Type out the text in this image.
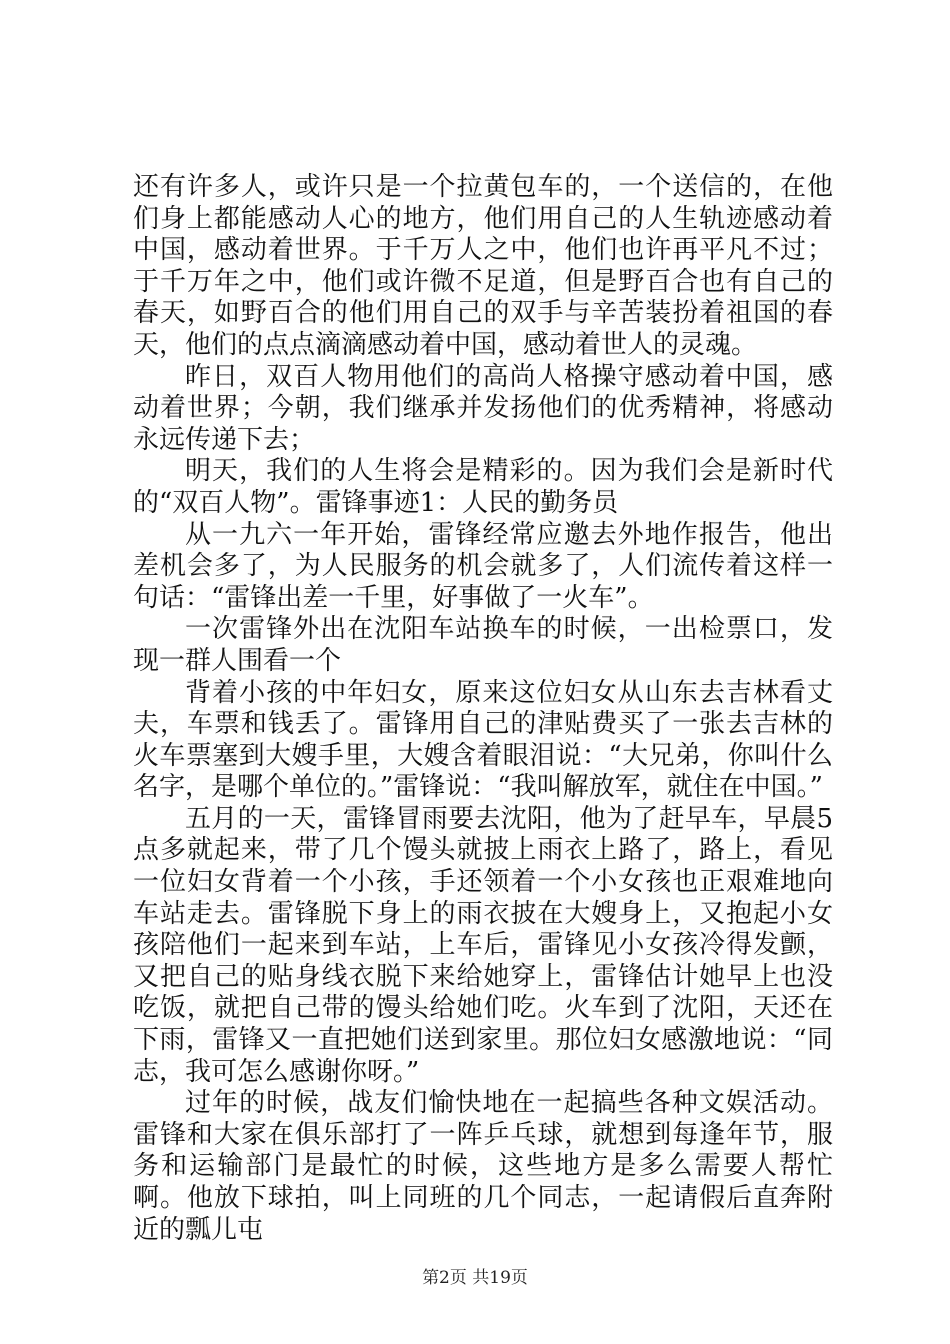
还有许多人，或许只是一个拉黄包车的，一个送信的，在他们身上都能感动人心的地方，他们用自己的人生轨迹感动着中国，感动着世界。于千万人之中，他们也许再平凡不过；于千万年之中，他们或许微不足道，但是野百合也有自己的春天，如野百合的他们用自己的双手与辛苦装扮着祖国的春天，他们的点点滴滴感动着中国，感动着世人的灵魂。

昨日，双百人物用他们的高尚人格操守感动着中国，感动着世界；今朝，我们继承并发扬他们的优秀精神，将感动永远传递下去；

明天，我们的人生将会是精彩的。因为我们会是新时代的“双百人物”。雷锋事迹1：人民的勤务员

从一九六一年开始，雷锋经常应邀去外地作报告，他出差机会多了，为人民服务的机会就多了，人们流传着这样一句话：“雷锋出差一千里，好事做了一火车”。

一次雷锋外出在沈阳车站换车的时候，一出检票口，发现一群人围看一个

背着小孩的中年妇女，原来这位妇女从山东去吉林看丈夫，车票和钱丢了。雷锋用自己的津贴费买了一张去吉林的火车票塞到大嫂手里，大嫂含着眼泪说：“大兄弟，你叫什么名字，是哪个单位的。”雷锋说：“我叫解放军，就住在中国。”

五月的一天，雷锋冒雨要去沈阳，他为了赶早车，早晨5点多就起来，带了几个馒头就披上雨衣上路了，路上，看见一位妇女背着一个小孩，手还领着一个小女孩也正艰难地向车站走去。雷锋脱下身上的雨衣披在大嫂身上，又抱起小女孩陪他们一起来到车站，上车后，雷锋见小女孩冷得发颤，又把自己的贴身线衣脱下来给她穿上，雷锋估计她早上也没吃饭，就把自己带的馒头给她们吃。火车到了沈阳，天还在下雨，雷锋又一直把她们送到家里。那位妇女感激地说：“同志，我可怎么感谢你呀。”

过年的时候，战友们愉快地在一起搞些各种文娱活动。雷锋和大家在俱乐部打了一阵乒乓球，就想到每逢年节，服务和运输部门是最忙的时候，这些地方是多么需要人帮忙啊。他放下球拍，叫上同班的几个同志，一起请假后直奔附近的瓢儿屯

第2页 共19页
